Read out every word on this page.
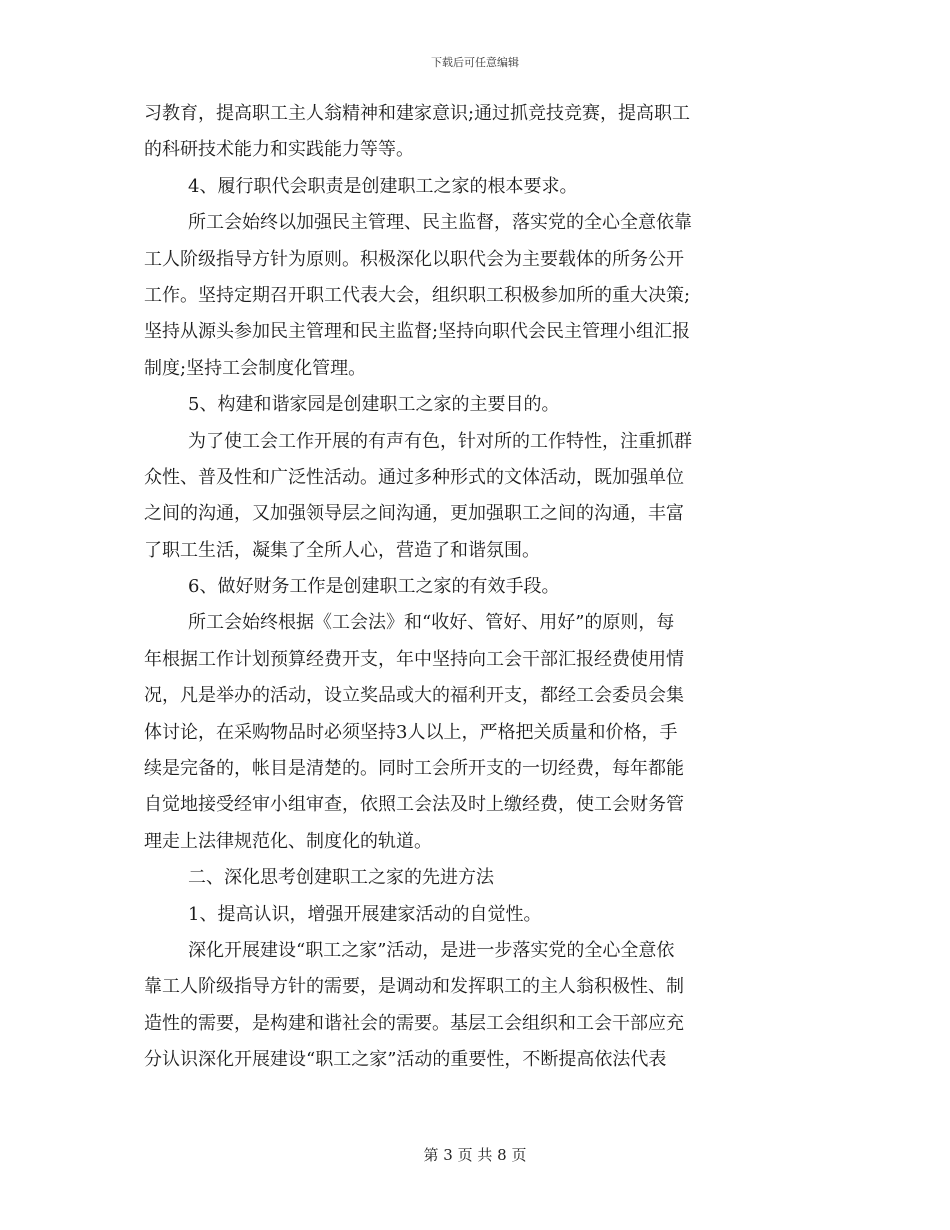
下载后可任意编辑
习教育，提高职工主人翁精神和建家意识;通过抓竞技竞赛，提高职工
的科研技术能力和实践能力等等。
4、履行职代会职责是创建职工之家的根本要求。
所工会始终以加强民主管理、民主监督，落实党的全心全意依靠
工人阶级指导方针为原则。积极深化以职代会为主要载体的所务公开
工作。坚持定期召开职工代表大会，组织职工积极参加所的重大决策;
坚持从源头参加民主管理和民主监督;坚持向职代会民主管理小组汇报
制度;坚持工会制度化管理。
5、构建和谐家园是创建职工之家的主要目的。
为了使工会工作开展的有声有色，针对所的工作特性，注重抓群
众性、普及性和广泛性活动。通过多种形式的文体活动，既加强单位
之间的沟通，又加强领导层之间沟通，更加强职工之间的沟通，丰富
了职工生活，凝集了全所人心，营造了和谐氛围。
6、做好财务工作是创建职工之家的有效手段。
所工会始终根据《工会法》和“收好、管好、用好”的原则，每
年根据工作计划预算经费开支，年中坚持向工会干部汇报经费使用情
况，凡是举办的活动，设立奖品或大的福利开支，都经工会委员会集
体讨论，在采购物品时必须坚持3人以上，严格把关质量和价格，手
续是完备的，帐目是清楚的。同时工会所开支的一切经费，每年都能
自觉地接受经审小组审查，依照工会法及时上缴经费，使工会财务管
理走上法律规范化、制度化的轨道。
二、深化思考创建职工之家的先进方法
1、提高认识，增强开展建家活动的自觉性。
深化开展建设“职工之家”活动，是进一步落实党的全心全意依
靠工人阶级指导方针的需要，是调动和发挥职工的主人翁积极性、制
造性的需要，是构建和谐社会的需要。基层工会组织和工会干部应充
分认识深化开展建设“职工之家”活动的重要性，不断提高依法代表
第 3 页 共 8 页
